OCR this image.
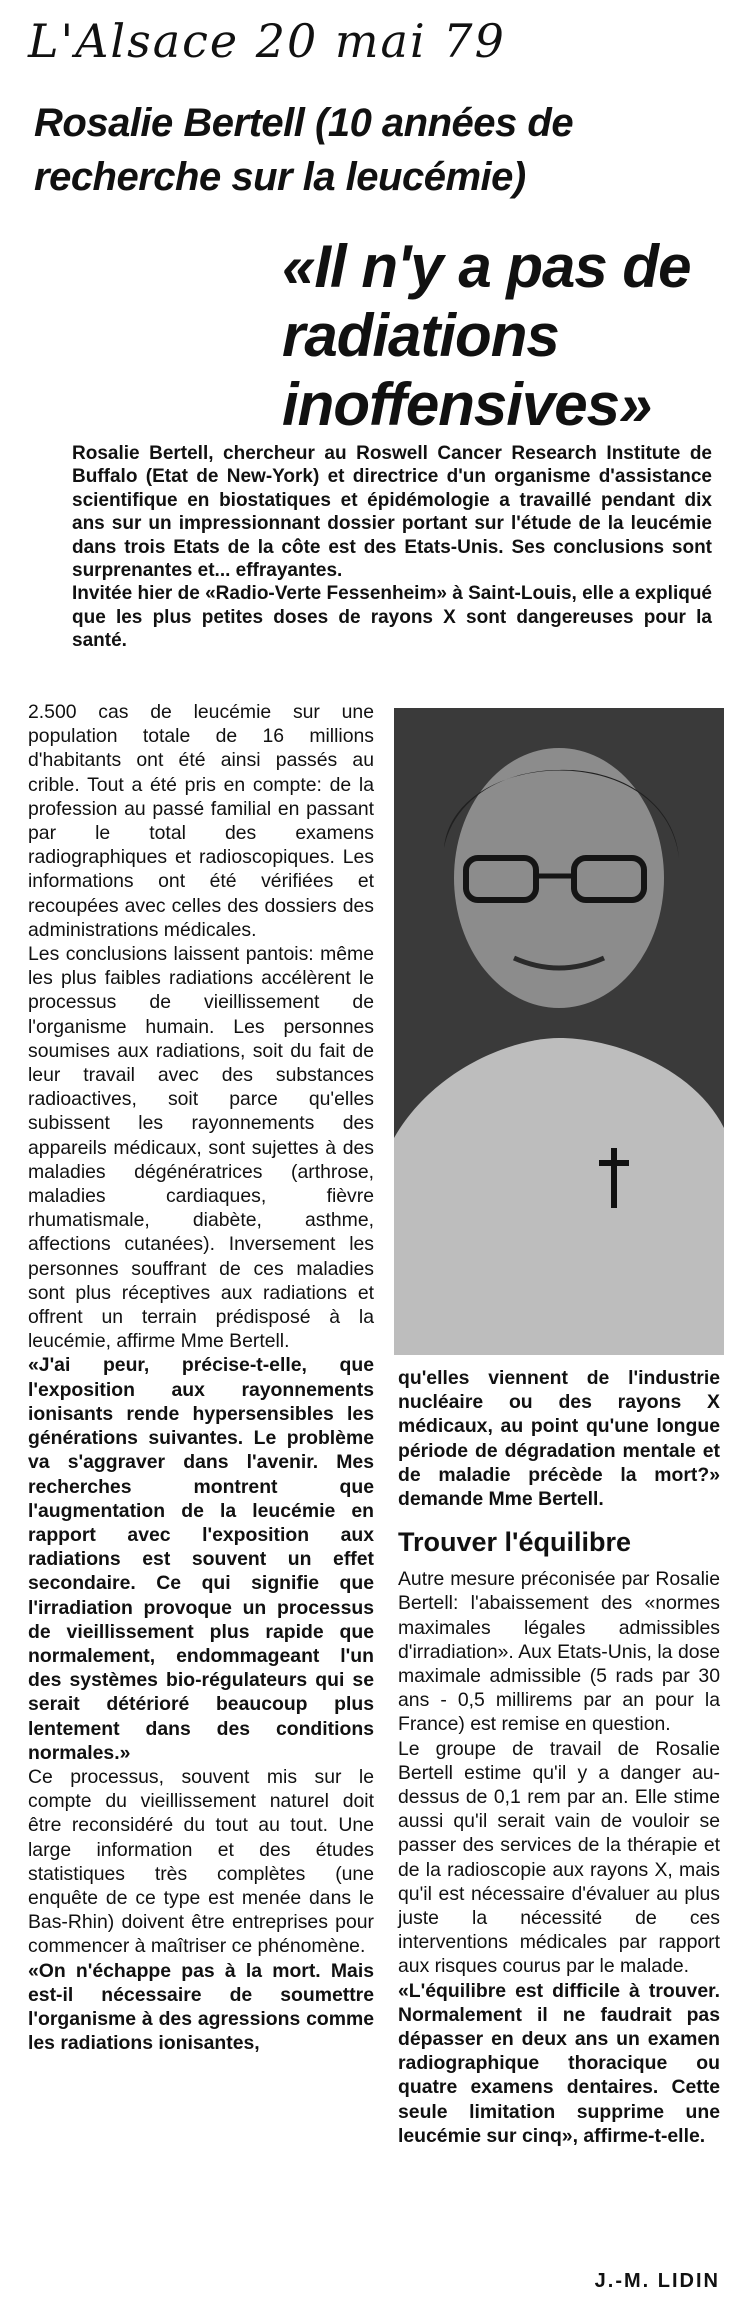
L'Alsace 20 mai 79
Rosalie Bertell (10 années de recherche sur la leucémie)
«Il n'y a pas de radiations inoffensives»

Rosalie Bertell, chercheur au Roswell Cancer Research Institute de Buffalo (Etat de New-York) et directrice d'un organisme d'assistance scientifique en biostatiques et épidémologie a travaillé pendant dix ans sur un impressionnant dossier portant sur l'étude de la leucémie dans trois Etats de la côte est des Etats-Unis. Ses conclusions sont surprenantes et... effrayantes.

Invitée hier de «Radio-Verte Fessenheim» à Saint-Louis, elle a expliqué que les plus petites doses de rayons X sont dangereuses pour la santé.

2.500 cas de leucémie sur une population totale de 16 millions d'habitants ont été ainsi passés au crible. Tout a été pris en compte: de la profession au passé familial en passant par le total des examens radiographiques et radioscopiques. Les informations ont été vérifiées et recoupées avec celles des dossiers des administrations médicales.

Les conclusions laissent pantois: même les plus faibles radiations accélèrent le processus de vieillissement de l'organisme humain. Les personnes soumises aux radiations, soit du fait de leur travail avec des substances radioactives, soit parce qu'elles subissent les rayonnements des appareils médicaux, sont sujettes à des maladies dégénératrices (arthrose, maladies cardiaques, fièvre rhumatismale, diabète, asthme, affections cutanées). Inversement les personnes souffrant de ces maladies sont plus réceptives aux radiations et offrent un terrain prédisposé à la leucémie, affirme Mme Bertell.

«J'ai peur, précise-t-elle, que l'exposition aux rayonnements ionisants rende hypersensibles les générations suivantes. Le problème va s'aggraver dans l'avenir. Mes recherches montrent que l'augmentation de la leucémie en rapport avec l'exposition aux radiations est souvent un effet secondaire. Ce qui signifie que l'irradiation provoque un processus de vieillissement plus rapide que normalement, endommageant l'un des systèmes bio-régulateurs qui se serait détérioré beaucoup plus lentement dans des conditions normales.»

Ce processus, souvent mis sur le compte du vieillissement naturel doit être reconsidéré du tout au tout. Une large information et des études statistiques très complètes (une enquête de ce type est menée dans le Bas-Rhin) doivent être entreprises pour commencer à maîtriser ce phénomène.

«On n'échappe pas à la mort. Mais est-il nécessaire de soumettre l'organisme à des agressions comme les radiations ionisantes,

qu'elles viennent de l'industrie nucléaire ou des rayons X médicaux, au point qu'une longue période de dégradation mentale et de maladie précède la mort?» demande Mme Bertell.

Trouver l'équilibre

Autre mesure préconisée par Rosalie Bertell: l'abaissement des «normes maximales légales admissibles d'irradiation». Aux Etats-Unis, la dose maximale admissible (5 rads par 30 ans - 0,5 millirems par an pour la France) est remise en question.

Le groupe de travail de Rosalie Bertell estime qu'il y a danger au-dessus de 0,1 rem par an. Elle stime aussi qu'il serait vain de vouloir se passer des services de la thérapie et de la radioscopie aux rayons X, mais qu'il est nécessaire d'évaluer au plus juste la nécessité de ces interventions médicales par rapport aux risques courus par le malade.

«L'équilibre est difficile à trouver. Normalement il ne faudrait pas dépasser en deux ans un examen radiographique thoracique ou quatre examens dentaires. Cette seule limitation supprime une leucémie sur cinq», affirme-t-elle.

J.-M. LIDIN
